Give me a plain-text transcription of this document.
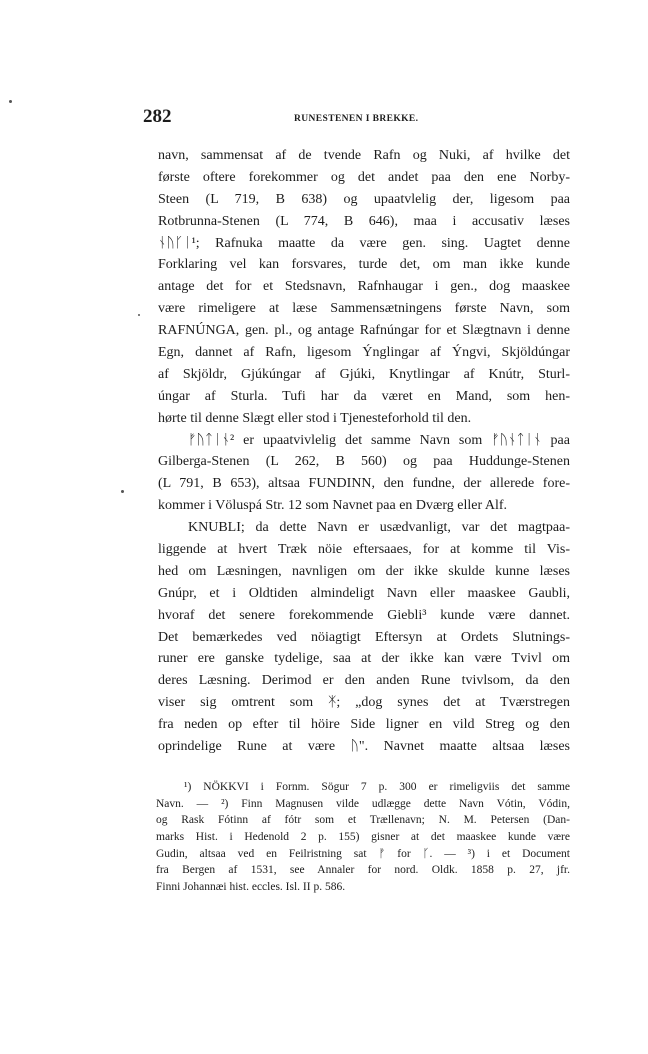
282	RUNESTENEN I BREKKE.
navn, sammensat af de tvende Rafn og Nuki, af hvilke det
første oftere forekommer og det andet paa den ene Norby-
Steen (L 719, B 638) og upaatvlelig der, ligesom paa
Rotbrunna-Stenen (L 774, B 646), maa i accusativ læses
ᚾᚢᚴᛁ¹; Rafnuka maatte da være gen. sing. Uagtet denne
Forklaring vel kan forsvares, turde det, om man ikke kunde
antage det for et Stedsnavn, Rafnhaugar i gen., dog maaskee
være rimeligere at læse Sammensætningens første Navn, som
RAFNÚNGA, gen. pl., og antage Rafnúngar for et Slægtnavn i denne
Egn, dannet af Rafn, ligesom Ýnglingar af Ýngvi, Skjöldúngar
af Skjöldr, Gjúkúngar af Gjúki, Knytlingar af Knútr, Sturl-
úngar af Sturla. Tufi har da været en Mand, som hen-
hørte til denne Slægt eller stod i Tjenesteforhold til den.
ᚠᚢᛏᛁᚾ² er upaatvivlelig det samme Navn som ᚠᚢᚾᛏᛁᚾ paa
Gilberga-Stenen (L 262, B 560) og paa Huddunge-Stenen
(L 791, B 653), altsaa FUNDINN, den fundne, der allerede fore-
kommer i Völuspá Str. 12 som Navnet paa en Dværg eller Alf.
KNUBLI; da dette Navn er usædvanligt, var det magtpaa-
liggende at hvert Træk nöie eftersaaes, for at komme til Vis-
hed om Læsningen, navnligen om der ikke skulde kunne læses
Gnúpr, et i Oldtiden almindeligt Navn eller maaskee Gaubli,
hvoraf det senere forekommende Giebli³ kunde være dannet.
Det bemærkedes ved nöiagtigt Eftersyn at Ordets Slutnings-
runer ere ganske tydelige, saa at der ikke kan være Tvivl om
deres Læsning. Derimod er den anden Rune tvivlsom, da den
viser sig omtrent som ᛡ; „dog synes det at Tværstregen
fra neden op efter til höire Side ligner en vild Streg og den
oprindelige Rune at være ᚢ". Navnet maatte altsaa læses
¹) NÖKKVI i Fornm. Sögur 7 p. 300 er rimeligviis det samme
Navn. — ²) Finn Magnusen vilde udlægge dette Navn Vótin, Vódin,
og Rask Fótinn af fótr som et Trællenavn; N. M. Petersen (Dan-
marks Hist. i Hedenold 2 p. 155) gisner at det maaskee kunde være
Gudin, altsaa ved en Feilristning sat ᚠ for ᚴ. — ³) i et Document
fra Bergen af 1531, see Annaler for nord. Oldk. 1858 p. 27, jfr.
Finni Johannæi hist. eccles. Isl. II p. 586.
